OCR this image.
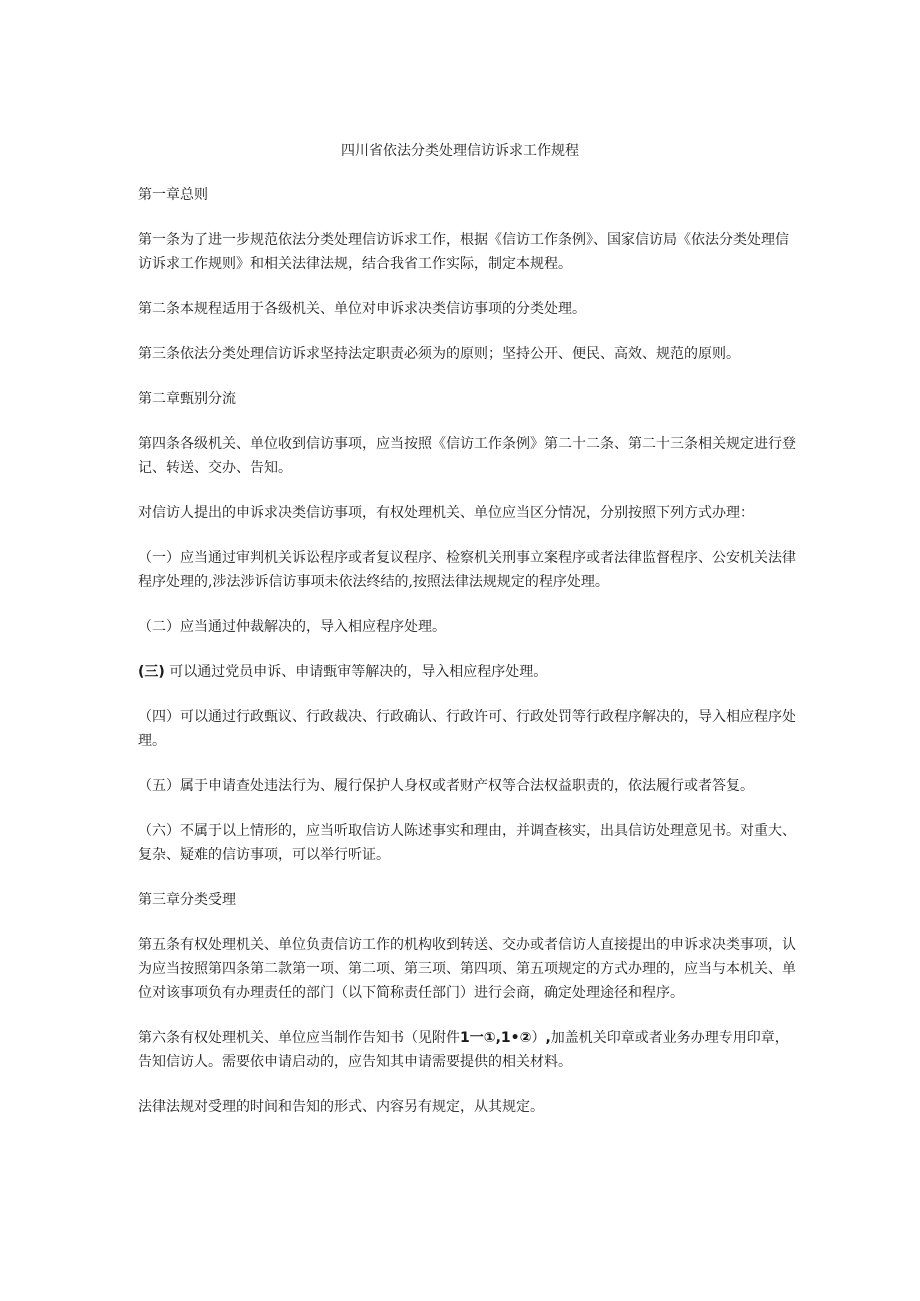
四川省依法分类处理信访诉求工作规程

第一章总则

第一条为了进一步规范依法分类处理信访诉求工作，根据《信访工作条例》、国家信访局《依法分类处理信访诉求工作规则》和相关法律法规，结合我省工作实际，制定本规程。

第二条本规程适用于各级机关、单位对申诉求决类信访事项的分类处理。

第三条依法分类处理信访诉求坚持法定职责必须为的原则；坚持公开、便民、高效、规范的原则。

第二章甄别分流

第四条各级机关、单位收到信访事项，应当按照《信访工作条例》第二十二条、第二十三条相关规定进行登记、转送、交办、告知。

对信访人提出的申诉求决类信访事项，有权处理机关、单位应当区分情况，分别按照下列方式办理：

（一）应当通过审判机关诉讼程序或者复议程序、检察机关刑事立案程序或者法律监督程序、公安机关法律程序处理的,涉法涉诉信访事项未依法终结的,按照法律法规规定的程序处理。

（二）应当通过仲裁解决的，导入相应程序处理。

(三) 可以通过党员申诉、申请甄审等解决的，导入相应程序处理。

（四）可以通过行政甄议、行政裁决、行政确认、行政许可、行政处罚等行政程序解决的，导入相应程序处理。

（五）属于申请查处违法行为、履行保护人身权或者财产权等合法权益职责的，依法履行或者答复。

（六）不属于以上情形的，应当听取信访人陈述事实和理由，并调查核实，出具信访处理意见书。对重大、复杂、疑难的信访事项，可以举行听证。

第三章分类受理

第五条有权处理机关、单位负责信访工作的机构收到转送、交办或者信访人直接提出的申诉求决类事项，认为应当按照第四条第二款第一项、第二项、第三项、第四项、第五项规定的方式办理的，应当与本机关、单位对该事项负有办理责任的部门（以下简称责任部门）进行会商，确定处理途径和程序。

第六条有权处理机关、单位应当制作告知书（见附件1一①,1•②）,加盖机关印章或者业务办理专用印章，告知信访人。需要依申请启动的，应告知其申请需要提供的相关材料。

法律法规对受理的时间和告知的形式、内容另有规定，从其规定。
